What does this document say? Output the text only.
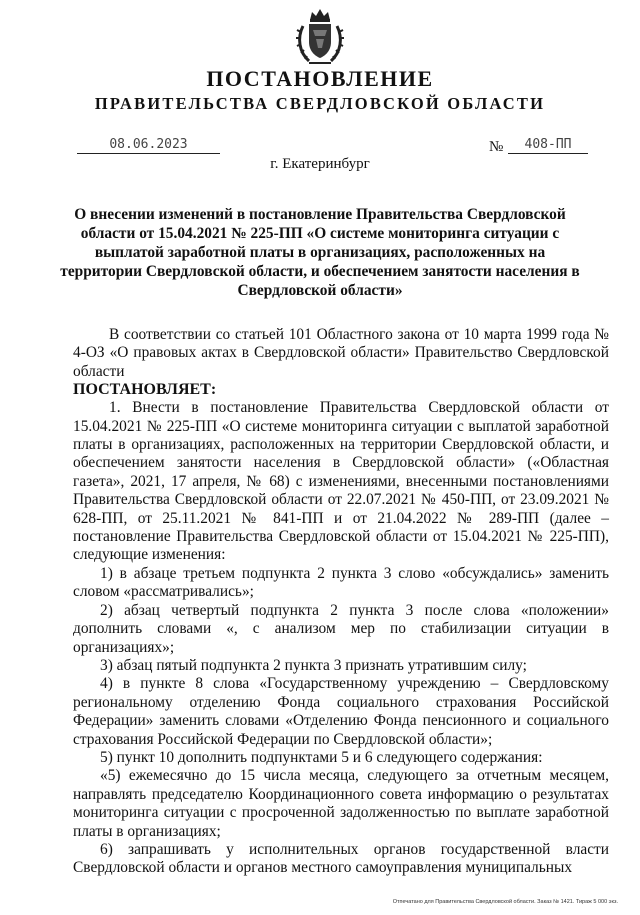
ПОСТАНОВЛЕНИЕ
ПРАВИТЕЛЬСТВА СВЕРДЛОВСКОЙ ОБЛАСТИ
08.06.2023	№	408-ПП
г. Екатеринбург
О внесении изменений в постановление Правительства Свердловской области от 15.04.2021 № 225-ПП «О системе мониторинга ситуации с выплатой заработной платы в организациях, расположенных на территории Свердловской области, и обеспечением занятости населения в Свердловской области»

В соответствии со статьей 101 Областного закона от 10 марта 1999 года № 4-ОЗ «О правовых актах в Свердловской области» Правительство Свердловской области

ПОСТАНОВЛЯЕТ:

1. Внести в постановление Правительства Свердловской области от 15.04.2021 № 225-ПП «О системе мониторинга ситуации с выплатой заработной платы в организациях, расположенных на территории Свердловской области, и обеспечением занятости населения в Свердловской области» («Областная газета», 2021, 17 апреля, № 68) с изменениями, внесенными постановлениями Правительства Свердловской области от 22.07.2021 № 450-ПП, от 23.09.2021 № 628-ПП, от 25.11.2021 № 841-ПП и от 21.04.2022 № 289-ПП (далее – постановление Правительства Свердловской области от 15.04.2021 № 225-ПП), следующие изменения:

1) в абзаце третьем подпункта 2 пункта 3 слово «обсуждались» заменить словом «рассматривались»;

2) абзац четвертый подпункта 2 пункта 3 после слова «положении» дополнить словами «, с анализом мер по стабилизации ситуации в организациях»;

3) абзац пятый подпункта 2 пункта 3 признать утратившим силу;

4) в пункте 8 слова «Государственному учреждению – Свердловскому региональному отделению Фонда социального страхования Российской Федерации» заменить словами «Отделению Фонда пенсионного и социального страхования Российской Федерации по Свердловской области»;

5) пункт 10 дополнить подпунктами 5 и 6 следующего содержания:

«5) ежемесячно до 15 числа месяца, следующего за отчетным месяцем, направлять председателю Координационного совета информацию о результатах мониторинга ситуации с просроченной задолженностью по выплате заработной платы в организациях;

6) запрашивать у исполнительных органов государственной власти Свердловской области и органов местного самоуправления муниципальных

Отпечатано для Правительства Свердловской области. Заказ № 1421. Тираж 5 000 экз.
